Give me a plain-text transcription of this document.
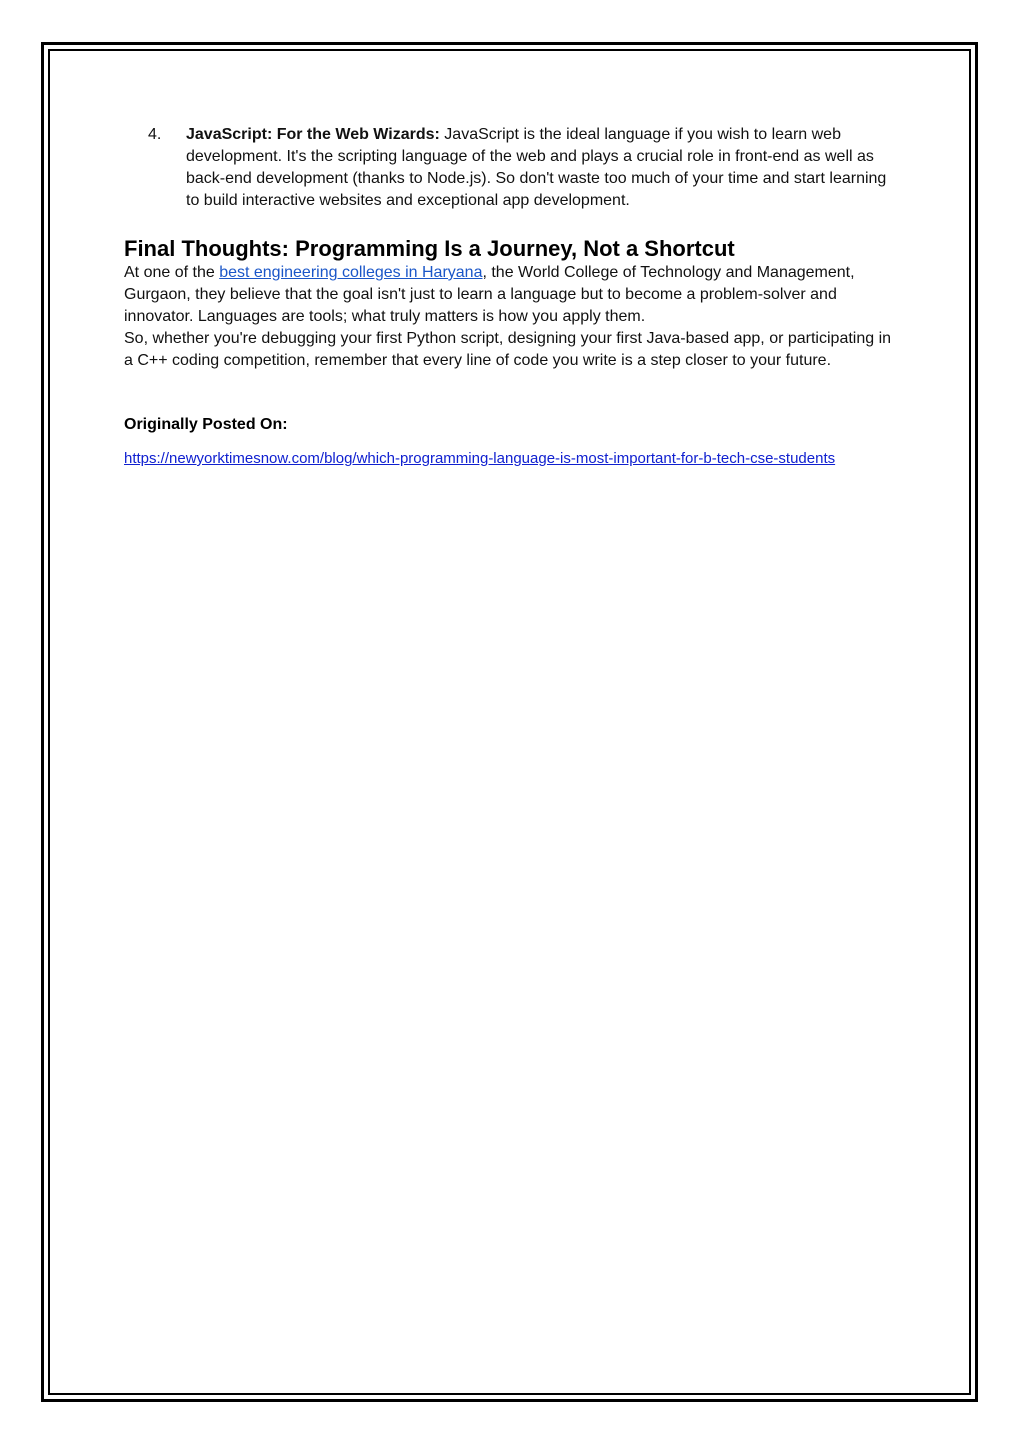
4.	JavaScript: For the Web Wizards: JavaScript is the ideal language if you wish to learn web development. It's the scripting language of the web and plays a crucial role in front-end as well as back-end development (thanks to Node.js). So don't waste too much of your time and start learning to build interactive websites and exceptional app development.
Final Thoughts: Programming Is a Journey, Not a Shortcut

At one of the best engineering colleges in Haryana, the World College of Technology and Management, Gurgaon, they believe that the goal isn't just to learn a language but to become a problem-solver and innovator. Languages are tools; what truly matters is how you apply them.

So, whether you're debugging your first Python script, designing your first Java-based app, or participating in a C++ coding competition, remember that every line of code you write is a step closer to your future.

Originally Posted On:
https://newyorktimesnow.com/blog/which-programming-language-is-most-important-for-b-tech-cse-students
